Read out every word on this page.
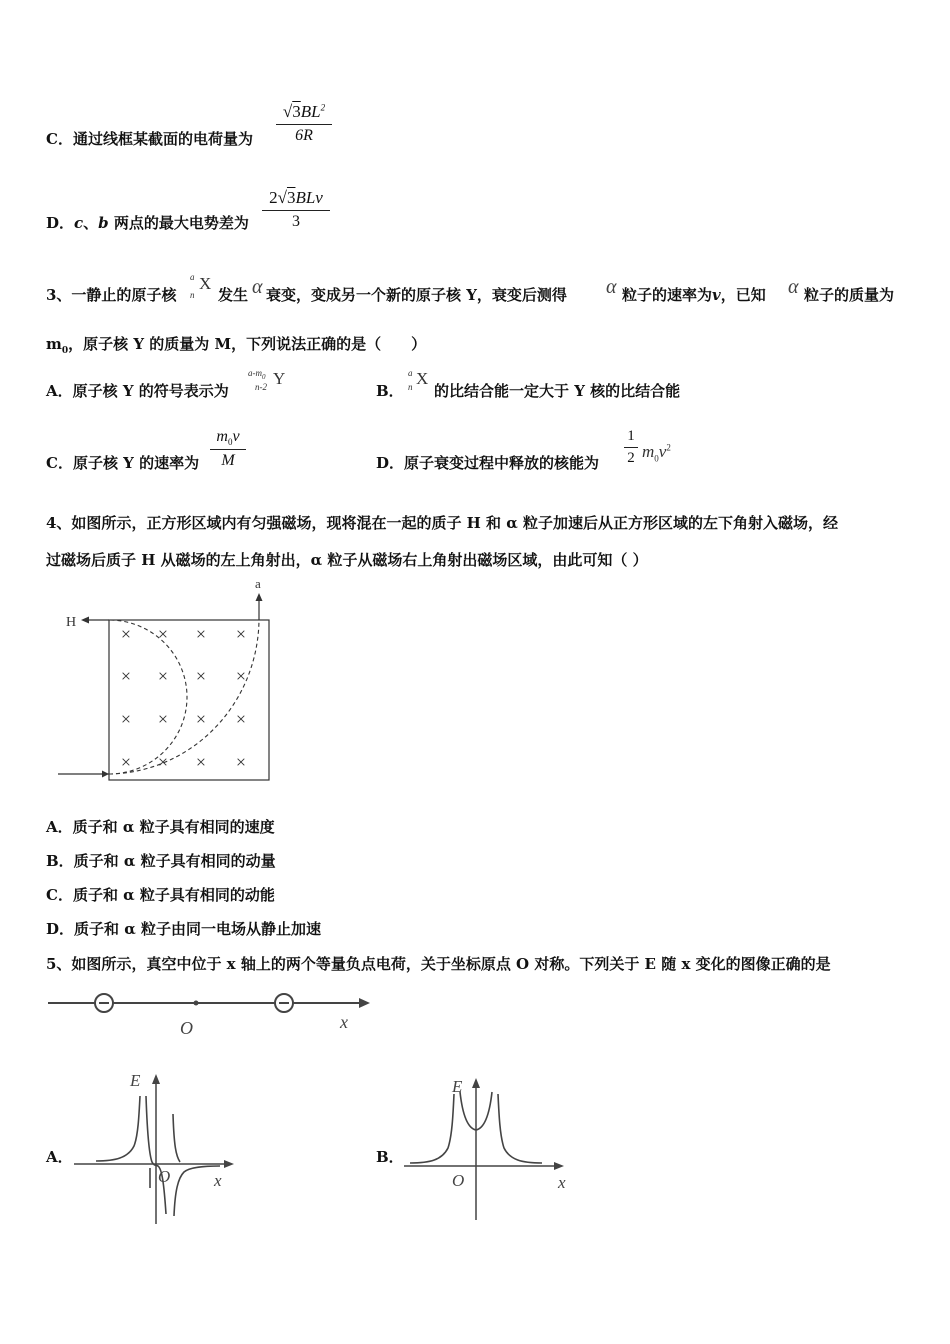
C．通过线框某截面的电荷量为
$√3BL^2$
6R
D．c、b 两点的最大电势差为
2√3BLv
3
3、一静止的原子核
a
n
X
发生 α 衰变，变成另一个新的原子核 Y，衰变后测得 α 粒子的速率为v，已知 α 粒子的质量为
$m_0$，原子核 Y 的质量为 M，下列说法正确的是（　　）
A．原子核 Y 的符号表示为
$a-m_0$
n-2 Y
B．
a
n X
的比结合能一定大于 Y 核的比结合能
C．原子核 Y 的速率为
$m_0v$
M	D．原子衰变过程中释放的核能为
1
2 $m_0v^2$
4、如图所示，正方形区域内有匀强磁场，现将混在一起的质子 H 和 α 粒子加速后从正方形区域的左下角射入磁场，经
过磁场后质子 H 从磁场的左上角射出，α 粒子从磁场右上角射出磁场区域，由此可知（ ）
× × × ×
× × × ×
× × × ×
× × × ×
H
a
A．质子和 α 粒子具有相同的速度
B．质子和 α 粒子具有相同的动量
C．质子和 α 粒子具有相同的动能
D．质子和 α 粒子由同一电场从静止加速
5、如图所示，真空中位于 x 轴上的两个等量负点电荷，关于坐标原点 O 对称。下列关于 E 随 x 变化的图像正确的是
O	x
A．
E
O	x
B．
E
O	x
